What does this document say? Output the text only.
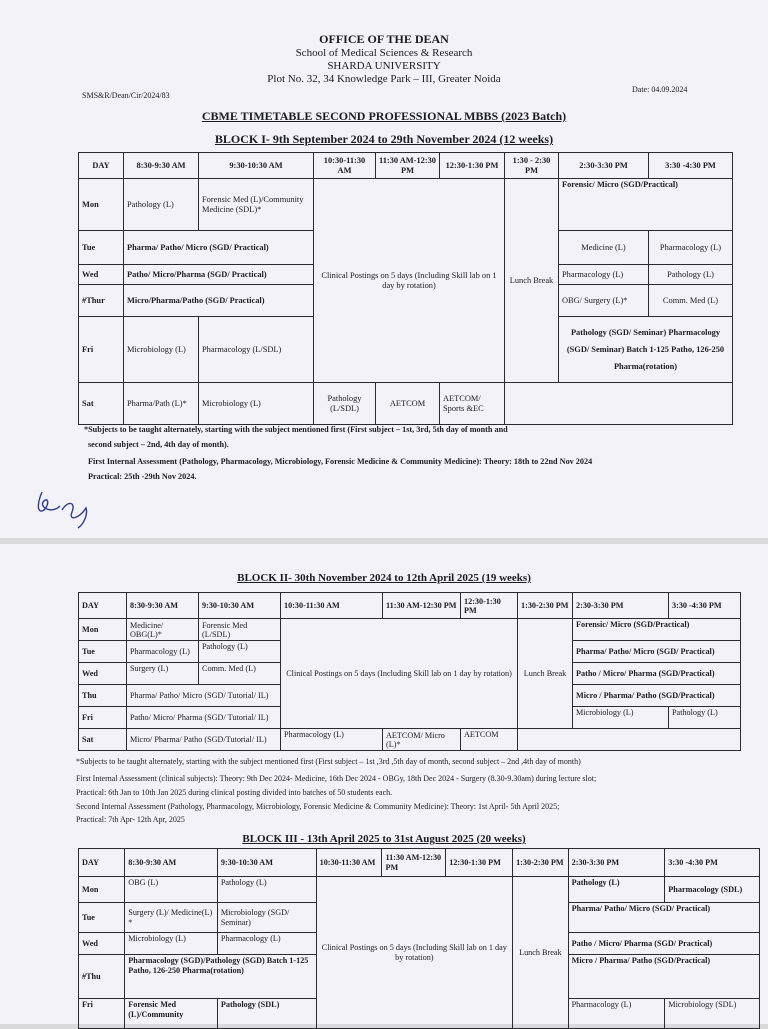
OFFICE OF THE DEAN
School of Medical Sciences & Research
SHARDA UNIVERSITY
Plot No. 32, 34 Knowledge Park – III, Greater Noida
SMS&R/Dean/Cir/2024/83
Date: 04.09.2024
CBME TIMETABLE SECOND PROFESSIONAL MBBS (2023 Batch)
BLOCK I- 9th September 2024 to 29th November 2024 (12 weeks)
DAY	8:30-9:30 AM	9:30-10:30 AM	10:30-11:30 AM	11:30 AM-12:30 PM	12:30-1:30 PM	1:30 - 2:30 PM	2:30-3:30 PM	3:30 -4:30 PM
Mon	Pathology (L)	Forensic Med (L)/Community Medicine (SDL)*	Clinical Postings on 5 days (Including Skill lab on 1 day by rotation)			Lunch Break	Forensic/ Micro (SGD/Practical)	
Tue	Pharma/ Patho/ Micro (SGD/ Practical)						Medicine (L)	Pharmacology (L)
Wed	Patho/ Micro/Pharma (SGD/ Practical)						Pharmacology (L)	Pathology (L)
#Thur	Micro/Pharma/Patho (SGD/ Practical)						OBG/ Surgery (L)*	Comm. Med (L)
Fri	Microbiology (L)	Pharmacology (L/SDL)					Pathology (SGD/ Seminar) Pharmacology (SGD/ Seminar) Batch 1-125 Patho, 126-250 Pharma(rotation)	
Sat	Pharma/Path (L)*	Microbiology (L)	Pathology (L/SDL)	AETCOM	AETCOM/ Sports &EC			
*Subjects to be taught alternately, starting with the subject mentioned first (First subject – 1st, 3rd, 5th day of month and
second subject – 2nd, 4th day of month).
First Internal Assessment (Pathology, Pharmacology, Microbiology, Forensic Medicine & Community Medicine): Theory: 18th to 22nd Nov 2024
Practical: 25th -29th Nov 2024.
BLOCK II- 30th November 2024 to 12th April 2025 (19 weeks)
DAY	8:30-9:30 AM	9:30-10:30 AM	10:30-11:30 AM	11:30 AM-12:30 PM	12:30-1:30 PM	1:30-2:30 PM	2:30-3:30 PM	3:30 -4:30 PM
Mon	Medicine/ OBG(L)*	Forensic Med (L/SDL)	Clinical Postings on 5 days (Including Skill lab on 1 day by rotation)			Lunch Break	Forensic/ Micro (SGD/Practical)	
Tue	Pharmacology (L)	Pathology (L)					Pharma/ Patho/ Micro (SGD/ Practical)	
Wed	Surgery (L)	Comm. Med (L)					Patho / Micro/ Pharma (SGD/Practical)	
Thu	Pharma/ Patho/ Micro (SGD/ Tutorial/ IL)						Micro / Pharma/ Patho (SGD/Practical)	
Fri	Patho/ Micro/ Pharma (SGD/ Tutorial/ IL)						Microbiology (L)	Pathology (L)
Sat	Micro/ Pharma/ Patho (SGD/Tutorial/ IL)		Pharmacology (L)	AETCOM/ Micro (L)*	AETCOM			
*Subjects to be taught alternately, starting with the subject mentioned first (First subject – 1st ,3rd ,5th day of month, second subject – 2nd ,4th day of month)
First Internal Assessment (clinical subjects): Theory: 9th Dec 2024- Medicine, 16th Dec 2024 - OBGy, 18th Dec 2024 - Surgery (8.30-9.30am) during lecture slot;
Practical: 6th Jan to 10th Jan 2025 during clinical posting divided into batches of 50 students each.
Second Internal Assessment (Pathology, Pharmacology, Microbiology, Forensic Medicine & Community Medicine): Theory: 1st April- 5th April 2025;
Practical: 7th Apr- 12th Apr, 2025
BLOCK III - 13th April 2025 to 31st August 2025 (20 weeks)
DAY	8:30-9:30 AM	9:30-10:30 AM	10:30-11:30 AM	11:30 AM-12:30 PM	12:30-1:30 PM	1:30-2:30 PM	2:30-3:30 PM	3:30 -4:30 PM
Mon	OBG (L)	Pathology (L)	Clinical Postings on 5 days (Including Skill lab on 1 day by rotation)			Lunch Break	Pathology (L)	Pharmacology (SDL)
Tue	Surgery (L)/ Medicine(L) *	Microbiology (SGD/ Seminar)					Pharma/ Patho/ Micro (SGD/ Practical)	
Wed	Microbiology (L)	Pharmacology (L)					Patho / Micro/ Pharma (SGD/ Practical)	
#Thu	Pharmacology (SGD)/Pathology (SGD) Batch 1-125 Patho, 126-250 Pharma(rotation)						Micro / Pharma/ Patho (SGD/Practical)	
Fri	Forensic Med (L)/Community	Pathology (SDL)					Pharmacology (L)	Microbiology (SDL)
